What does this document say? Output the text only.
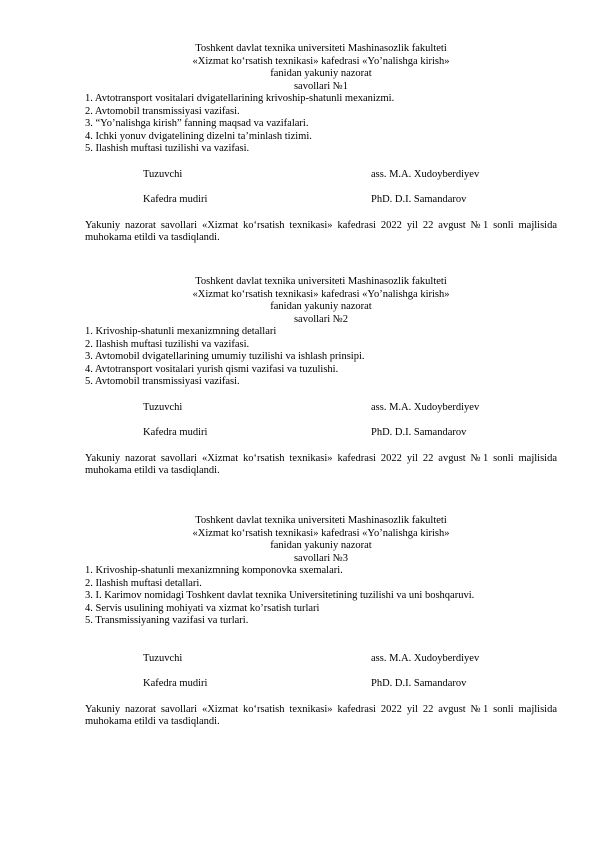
Toshkent davlat texnika universiteti Mashinasozlik fakulteti

«Xizmat ko‘rsatish texnikasi» kafedrasi «Yo’nalishga kirish»

fanidan yakuniy nazorat

savollari №1

1. Avtotransport vositalari dvigatellarining krivoship-shatunli mexanizmi.

2. Avtomobil transmissiyasi vazifasi.

3. “Yo’nalishga kirish” fanning maqsad va vazifalari.

4. Ichki yonuv dvigatelining dizelni ta’minlash tizimi.

5. Ilashish muftasi tuzilishi va vazifasi.

Tuzuvchi	ass. M.A. Xudoyberdiyev
Kafedra mudiri	PhD. D.I. Samandarov

Yakuniy nazorat savollari «Xizmat ko‘rsatish texnikasi» kafedrasi 2022 yil 22 avgust №1 sonli majlisida muhokama etildi va tasdiqlandi.

Toshkent davlat texnika universiteti Mashinasozlik fakulteti

«Xizmat ko‘rsatish texnikasi» kafedrasi «Yo’nalishga kirish»

fanidan yakuniy nazorat

savollari №2

1. Krivoship-shatunli mexanizmning detallari

2. Ilashish muftasi tuzilishi va vazifasi.

3. Avtomobil dvigatellarining umumiy tuzilishi va ishlash prinsipi.

4. Avtotransport vositalari yurish qismi vazifasi va tuzulishi.

5. Avtomobil transmissiyasi vazifasi.

Tuzuvchi	ass. M.A. Xudoyberdiyev
Kafedra mudiri	PhD. D.I. Samandarov

Yakuniy nazorat savollari «Xizmat ko‘rsatish texnikasi» kafedrasi 2022 yil 22 avgust №1 sonli majlisida muhokama etildi va tasdiqlandi.

Toshkent davlat texnika universiteti Mashinasozlik fakulteti

«Xizmat ko‘rsatish texnikasi» kafedrasi «Yo’nalishga kirish»

fanidan yakuniy nazorat

savollari №3

1. Krivoship-shatunli mexanizmning komponovka sxemalari.

2. Ilashish muftasi detallari.

3. I. Karimov nomidagi Toshkent davlat texnika Universitetining tuzilishi va uni boshqaruvi.

4. Servis usulining mohiyati va xizmat ko’rsatish turlari

5. Transmissiyaning vazifasi va turlari.

Tuzuvchi	ass. M.A. Xudoyberdiyev
Kafedra mudiri	PhD. D.I. Samandarov

Yakuniy nazorat savollari «Xizmat ko‘rsatish texnikasi» kafedrasi 2022 yil 22 avgust №1 sonli majlisida muhokama etildi va tasdiqlandi.
